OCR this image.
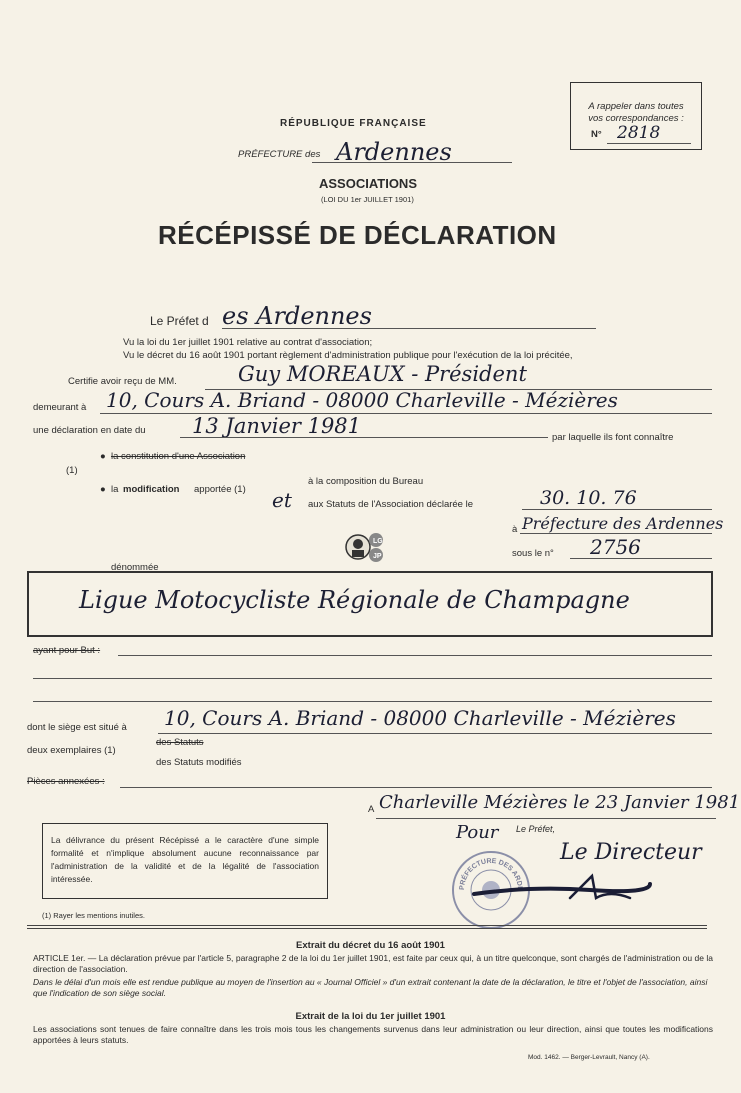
A rappeler dans toutes
vos correspondances :
N° 2818
RÉPUBLIQUE FRANÇAISE
PRÉFECTURE des Ardennes
ASSOCIATIONS
(LOI DU 1er JUILLET 1901)
RÉCÉPISSÉ DE DÉCLARATION
Le Préfet d es Ardennes
Vu la loi du 1er juillet 1901 relative au contrat d'association;
Vu le décret du 16 août 1901 portant règlement d'administration publique pour l'exécution de la loi précitée,
Certifie avoir reçu de MM.	Guy MOREAUX - Président
demeurant à 10, Cours A. Briand - 08000 Charleville - Mézières
une déclaration en date du 13 Janvier 1981	par laquelle ils font connaître
● la constitution d'une Association
(1)
à la composition du Bureau
● la modification apportée (1) et aux Statuts de l'Association déclarée le	30. 10. 76
à Préfecture des Ardennes
LG
JP	sous le n° 2756
dénommée
Ligue Motocycliste Régionale de Champagne
ayant pour But :
dont le siège est situé à 10, Cours A. Briand - 08000 Charleville - Mézières
des Statuts
deux exemplaires (1)
des Statuts modifiés
Pièces annexées :
A Charleville Mézières le 23 Janvier 1981
Pour Le Préfet,
Le Directeur
PRÉFECTURE DES ARDE
La délivrance du présent Récépissé a le caractère d'une simple formalité et n'implique absolument aucune reconnaissance par l'administration de la validité et de la légalité de l'association intéressée.
(1) Rayer les mentions inutiles.
Extrait du décret du 16 août 1901
ARTICLE 1er. — La déclaration prévue par l'article 5, paragraphe 2 de la loi du 1er juillet 1901, est faite par ceux qui, à un titre quelconque, sont chargés de l'administration ou de la direction de l'association.
Dans le délai d'un mois elle est rendue publique au moyen de l'insertion au « Journal Officiel » d'un extrait contenant la date de la déclaration, le titre et l'objet de l'association, ainsi que l'indication de son siège social.
Extrait de la loi du 1er juillet 1901
Les associations sont tenues de faire connaître dans les trois mois tous les changements survenus dans leur administration ou leur direction, ainsi que toutes les modifications apportées à leurs statuts.
Mod. 1462. — Berger-Levrault, Nancy (A).
